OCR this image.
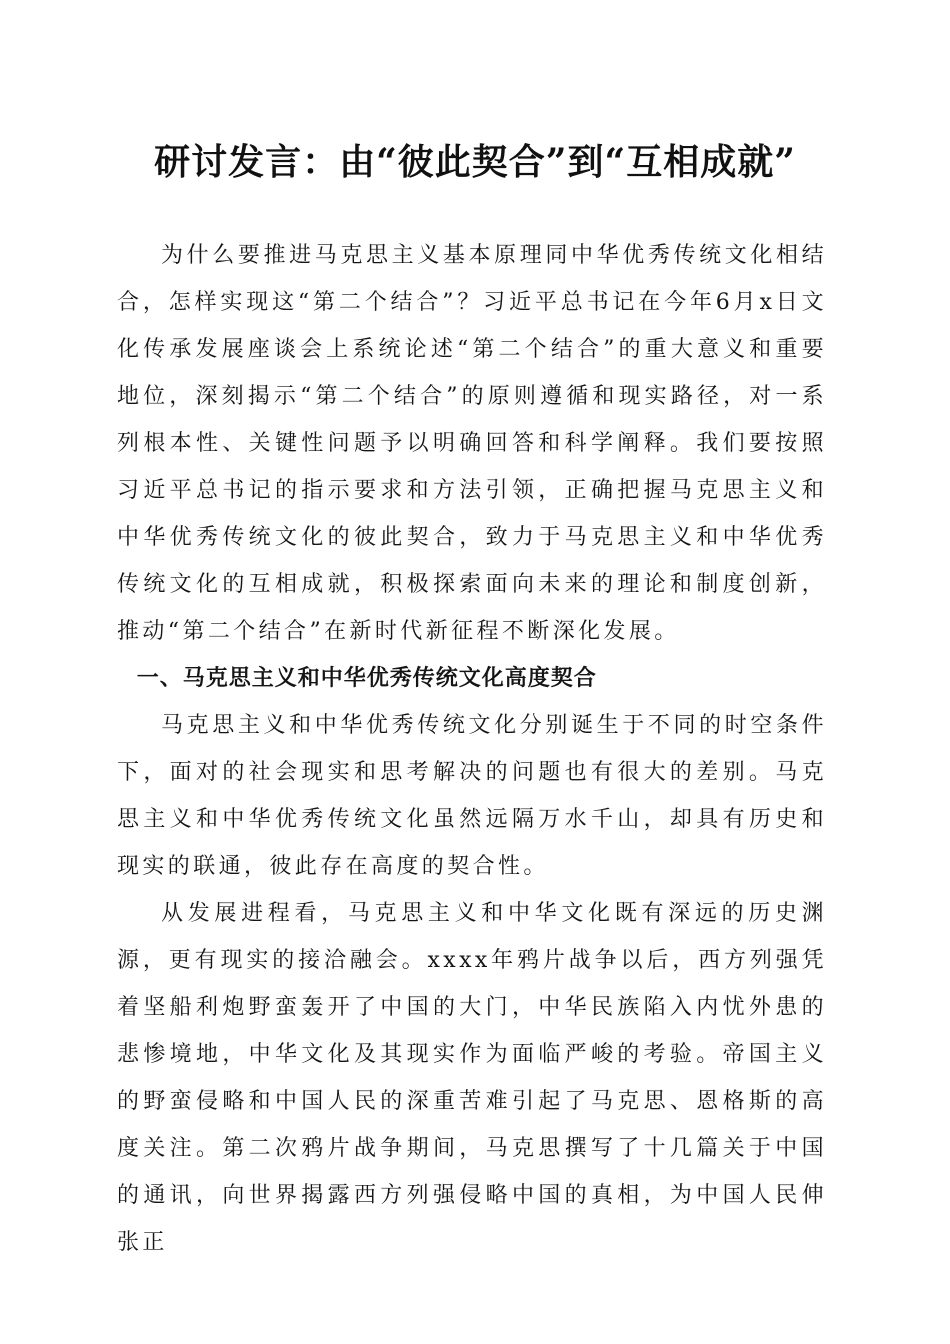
研讨发言：由“彼此契合”到“互相成就”

为什么要推进马克思主义基本原理同中华优秀传统文化相结合，怎样实现这“第二个结合”？习近平总书记在今年6月x日文化传承发展座谈会上系统论述“第二个结合”的重大意义和重要地位，深刻揭示“第二个结合”的原则遵循和现实路径，对一系列根本性、关键性问题予以明确回答和科学阐释。我们要按照习近平总书记的指示要求和方法引领，正确把握马克思主义和中华优秀传统文化的彼此契合，致力于马克思主义和中华优秀传统文化的互相成就，积极探索面向未来的理论和制度创新，推动“第二个结合”在新时代新征程不断深化发展。

一、马克思主义和中华优秀传统文化高度契合

马克思主义和中华优秀传统文化分别诞生于不同的时空条件下，面对的社会现实和思考解决的问题也有很大的差别。马克思主义和中华优秀传统文化虽然远隔万水千山，却具有历史和现实的联通，彼此存在高度的契合性。

从发展进程看，马克思主义和中华文化既有深远的历史渊源，更有现实的接洽融会。xxxx年鸦片战争以后，西方列强凭着坚船利炮野蛮轰开了中国的大门，中华民族陷入内忧外患的悲惨境地，中华文化及其现实作为面临严峻的考验。帝国主义的野蛮侵略和中国人民的深重苦难引起了马克思、恩格斯的高度关注。第二次鸦片战争期间，马克思撰写了十几篇关于中国的通讯，向世界揭露西方列强侵略中国的真相，为中国人民伸张正
